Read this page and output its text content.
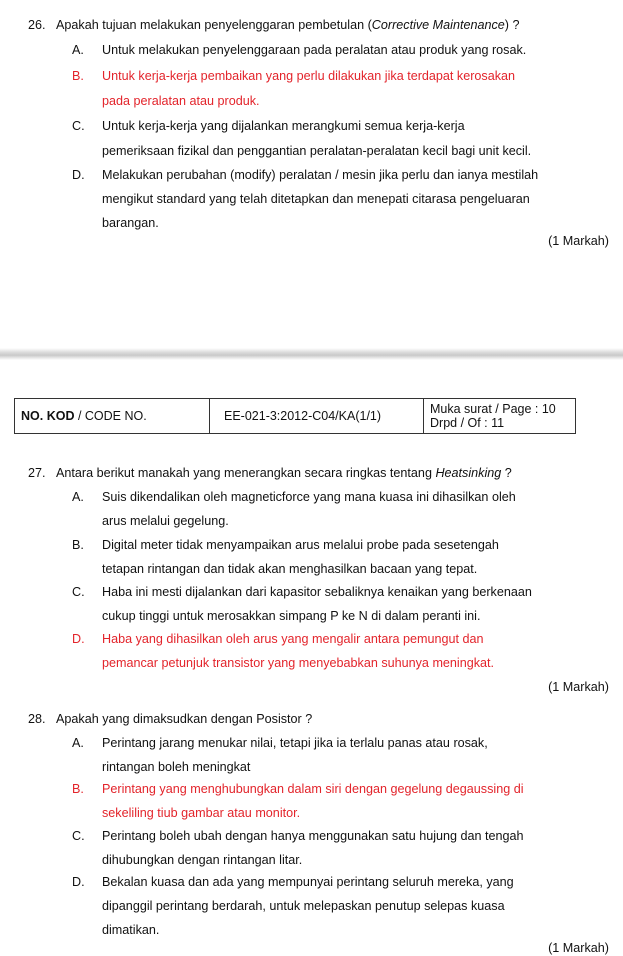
26. Apakah tujuan melakukan penyelenggaran pembetulan (Corrective Maintenance) ?
A. Untuk melakukan penyelenggaraan pada peralatan atau produk yang rosak.
B. Untuk kerja-kerja pembaikan yang perlu dilakukan jika terdapat kerosakan
pada peralatan atau produk.
C. Untuk kerja-kerja yang dijalankan merangkumi semua kerja-kerja
pemeriksaan fizikal dan penggantian peralatan-peralatan kecil bagi unit kecil.
D. Melakukan perubahan (modify) peralatan / mesin jika perlu dan ianya mestilah
mengikut standard yang telah ditetapkan dan menepati citarasa pengeluaran
barangan.
(1 Markah)
NO. KOD / CODE NO.	EE-021-3:2012-C04/KA(1/1)	Muka surat / Page : 10
Drpd / Of : 11
27. Antara berikut manakah yang menerangkan secara ringkas tentang Heatsinking ?
A. Suis dikendalikan oleh magneticforce yang mana kuasa ini dihasilkan oleh
arus melalui gegelung.
B. Digital meter tidak menyampaikan arus melalui probe pada sesetengah
tetapan rintangan dan tidak akan menghasilkan bacaan yang tepat.
C. Haba ini mesti dijalankan dari kapasitor sebaliknya kenaikan yang berkenaan
cukup tinggi untuk merosakkan simpang P ke N di dalam peranti ini.
D. Haba yang dihasilkan oleh arus yang mengalir antara pemungut dan
pemancar petunjuk transistor yang menyebabkan suhunya meningkat.
(1 Markah)
28. Apakah yang dimaksudkan dengan Posistor ?
A. Perintang jarang menukar nilai, tetapi jika ia terlalu panas atau rosak,
rintangan boleh meningkat
B. Perintang yang menghubungkan dalam siri dengan gegelung degaussing di
sekeliling tiub gambar atau monitor.
C. Perintang boleh ubah dengan hanya menggunakan satu hujung dan tengah
dihubungkan dengan rintangan litar.
D. Bekalan kuasa dan ada yang mempunyai perintang seluruh mereka, yang
dipanggil perintang berdarah, untuk melepaskan penutup selepas kuasa
dimatikan.
(1 Markah)
